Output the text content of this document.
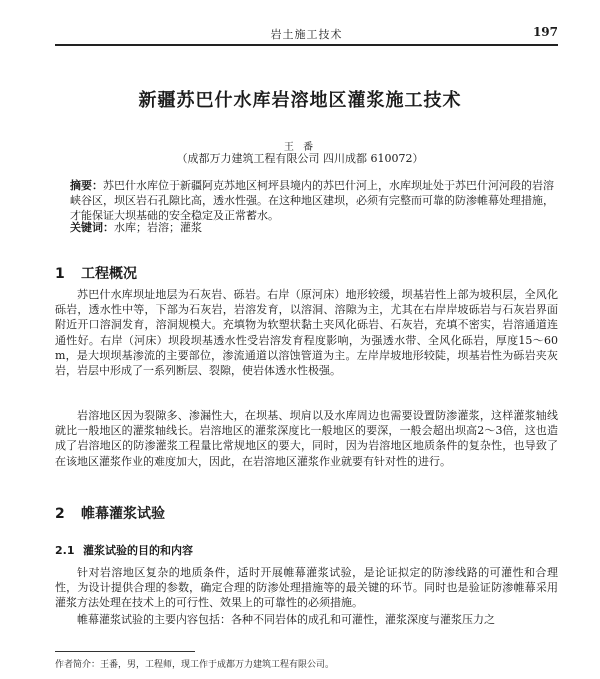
岩土施工技术	197
新疆苏巴什水库岩溶地区灌浆施工技术
王 番
（成都万力建筑工程有限公司 四川成都 610072）
摘要：苏巴什水库位于新疆阿克苏地区柯坪县境内的苏巴什河上，水库坝址处于苏巴什河河段的岩溶峡谷区，坝区岩石孔隙比高，透水性强。在这种地区建坝，必须有完整而可靠的防渗帷幕处理措施，才能保证大坝基础的安全稳定及正常蓄水。
关键词：水库；岩溶；灌浆
1 工程概况
苏巴什水库坝址地层为石灰岩、砾岩。右岸（原河床）地形较缓，坝基岩性上部为坡积层，全风化砾岩，透水性中等，下部为石灰岩，岩溶发育，以溶洞、溶隙为主，尤其在右岸岸坡砾岩与石灰岩界面附近开口溶洞发育，溶洞规模大。充填物为软塑状黏土夹风化砾岩、石灰岩，充填不密实，岩溶通道连通性好。右岸（河床）坝段坝基透水性受岩溶发育程度影响，为强透水带、全风化砾岩，厚度15～60 m，是大坝坝基渗流的主要部位，渗流通道以溶蚀管道为主。左岸岸坡地形较陡，坝基岩性为砾岩夹灰岩，岩层中形成了一系列断层、裂隙，使岩体透水性极强。
岩溶地区因为裂隙多、渗漏性大，在坝基、坝肩以及水库周边也需要设置防渗灌浆，这样灌浆轴线就比一般地区的灌浆轴线长。岩溶地区的灌浆深度比一般地区的要深，一般会超出坝高2～3倍，这也造成了岩溶地区的防渗灌浆工程量比常规地区的要大，同时，因为岩溶地区地质条件的复杂性，也导致了在该地区灌浆作业的难度加大，因此，在岩溶地区灌浆作业就要有针对性的进行。
2 帷幕灌浆试验
2.1 灌浆试验的目的和内容
针对岩溶地区复杂的地质条件，适时开展帷幕灌浆试验，是论证拟定的防渗线路的可灌性和合理性，为设计提供合理的参数，确定合理的防渗处理措施等的最关键的环节。同时也是验证防渗帷幕采用灌浆方法处理在技术上的可行性、效果上的可靠性的必须措施。
帷幕灌浆试验的主要内容包括：各种不同岩体的成孔和可灌性，灌浆深度与灌浆压力之
作者简介：王番，男，工程师，现工作于成都万力建筑工程有限公司。
